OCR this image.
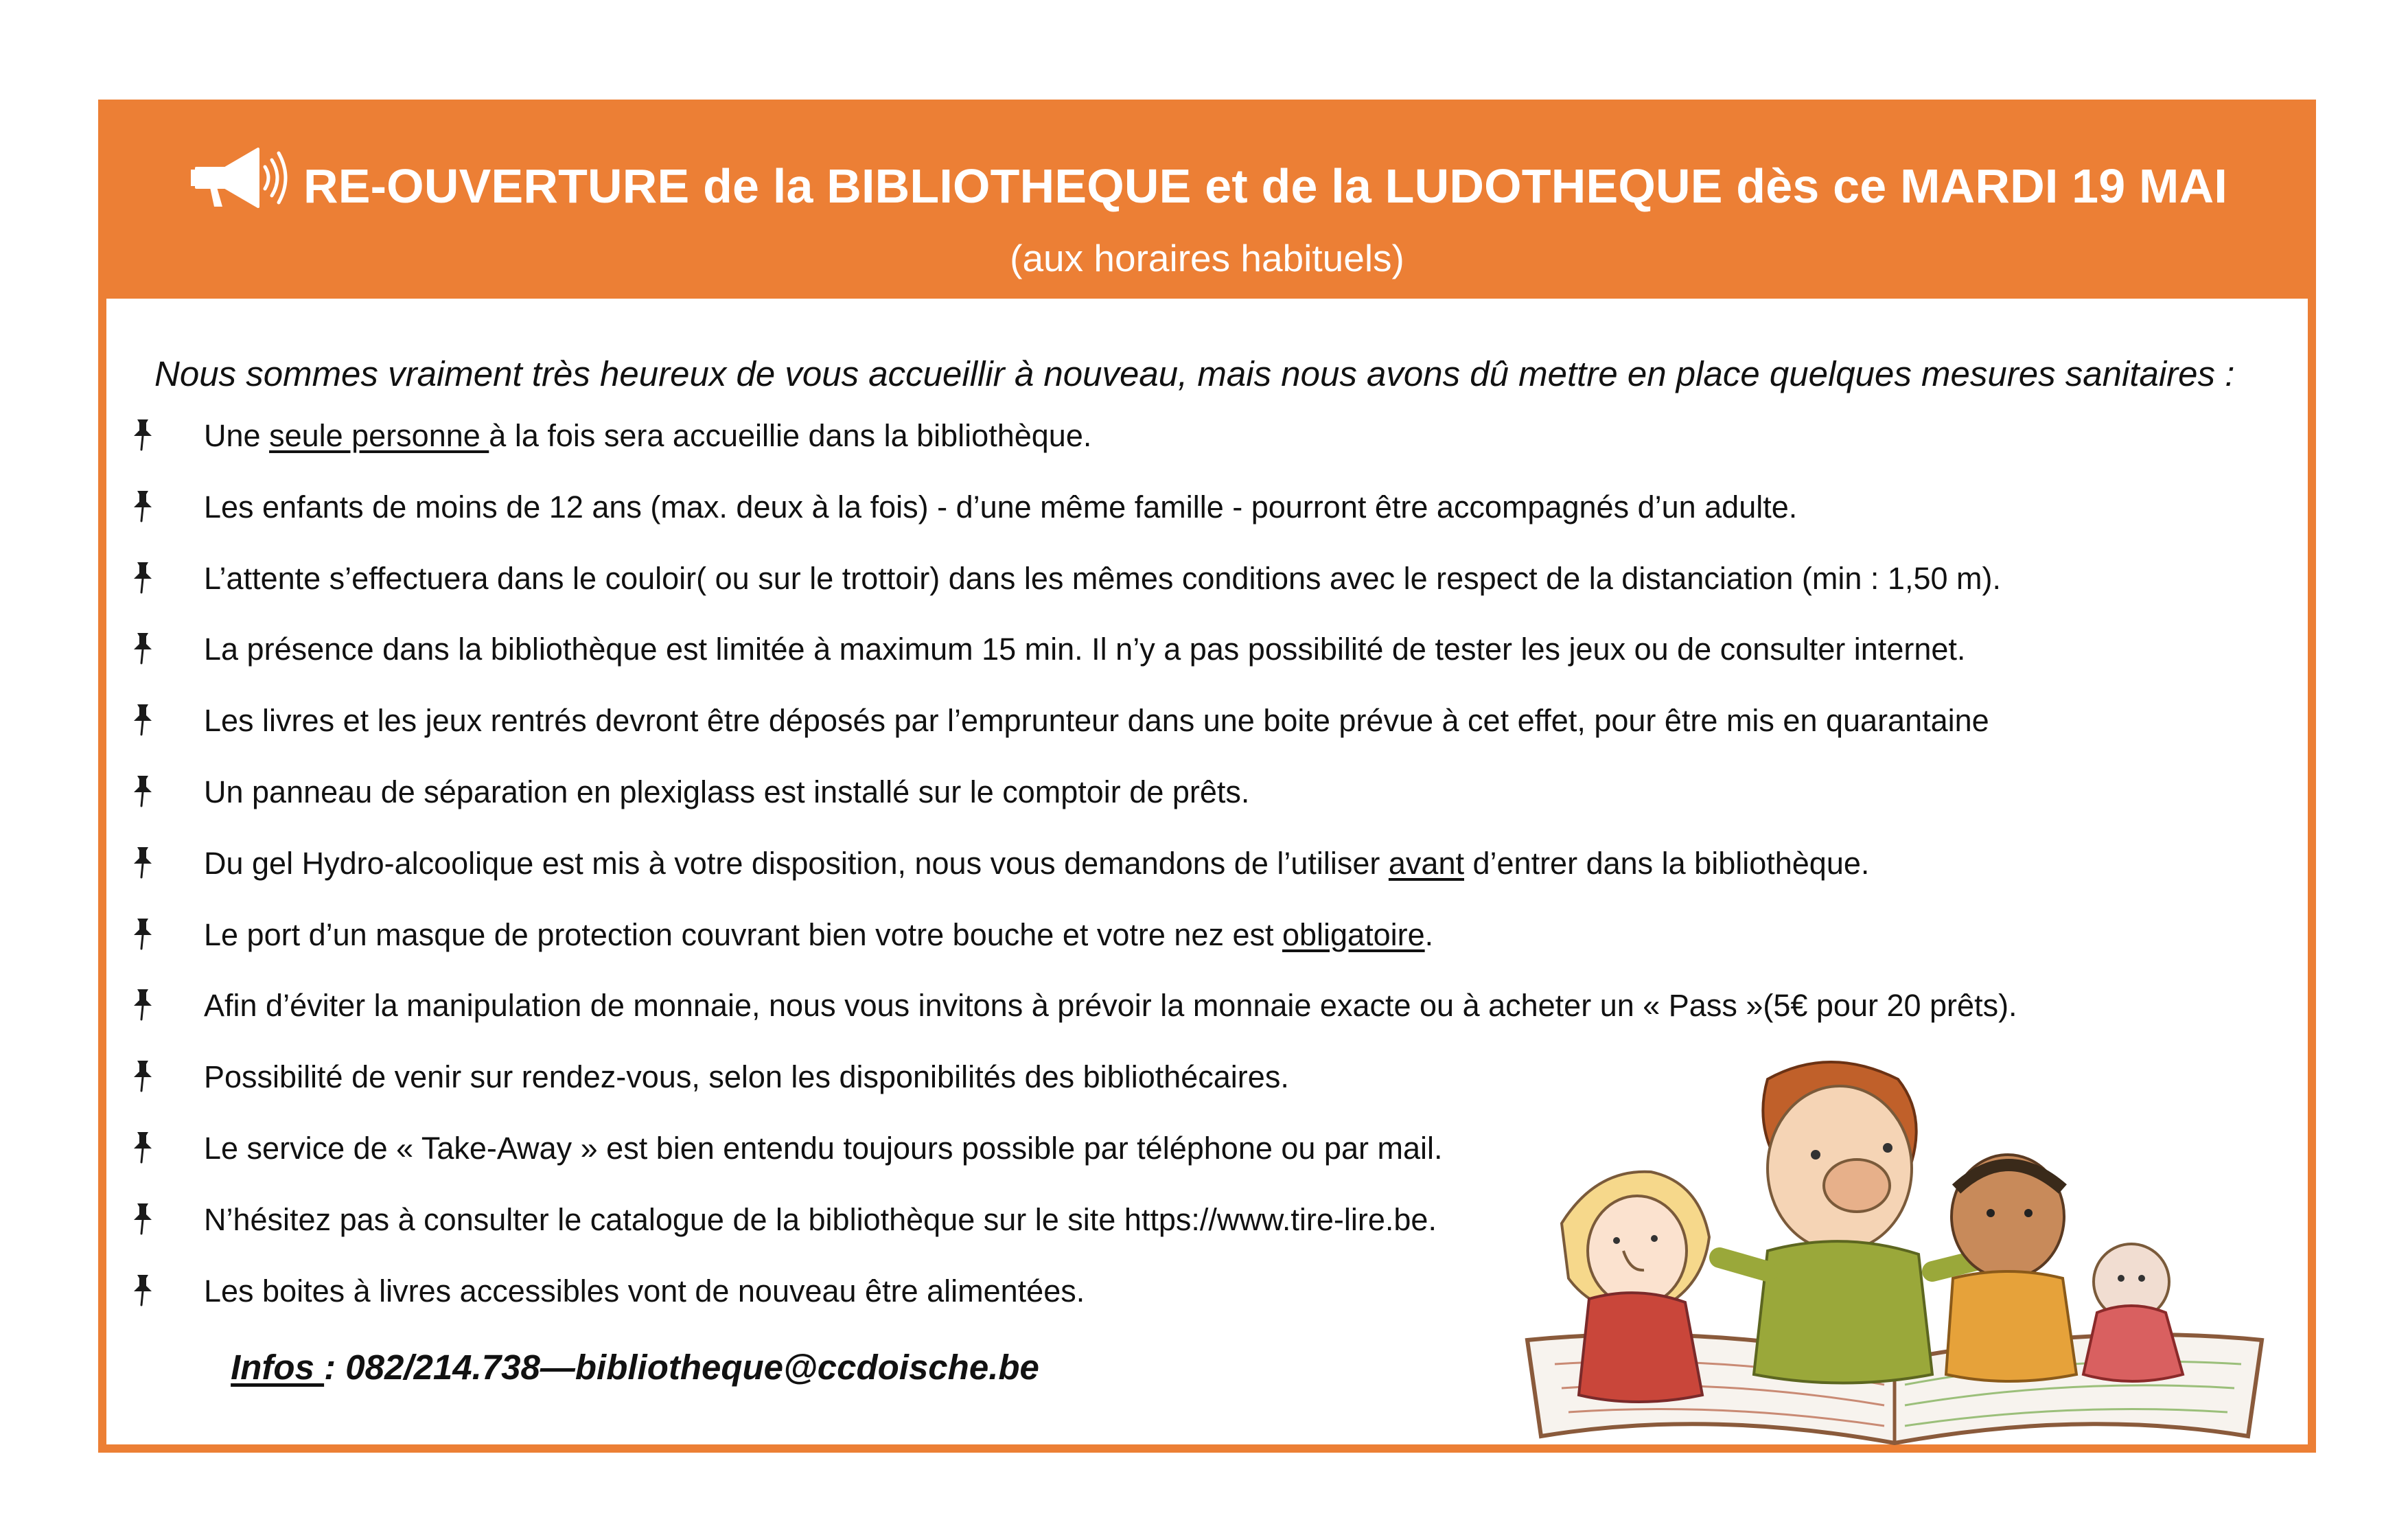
RE-OUVERTURE de la BIBLIOTHEQUE et de la LUDOTHEQUE dès ce MARDI 19 MAI
(aux horaires habituels)
Nous sommes vraiment très heureux de vous accueillir à nouveau, mais nous avons dû mettre en place quelques mesures sanitaires :
Une seule personne à la fois sera accueillie dans la bibliothèque.
Les enfants de moins de 12 ans (max. deux à la fois) - d’une même famille - pourront être accompagnés d’un adulte.
L’attente s’effectuera dans le couloir( ou sur le trottoir) dans les mêmes conditions avec le respect de la distanciation (min : 1,50 m).
La présence dans la bibliothèque est limitée à maximum 15 min. Il n’y a pas possibilité de tester les jeux ou de consulter internet.
Les livres et les jeux rentrés devront être déposés par l’emprunteur dans une boite prévue à cet effet, pour être mis en quarantaine
Un panneau de séparation en plexiglass est installé sur le comptoir de prêts.
Du gel Hydro-alcoolique est mis à votre disposition, nous vous demandons de l’utiliser avant d’entrer dans la bibliothèque.
Le port d’un masque de protection couvrant bien votre bouche et votre nez est obligatoire.
Afin d’éviter la manipulation de monnaie, nous vous invitons à prévoir la monnaie exacte ou à acheter un « Pass »(5€ pour 20 prêts).
Possibilité de venir sur rendez-vous, selon les disponibilités des bibliothécaires.
Le service de « Take-Away » est bien entendu toujours possible par téléphone ou par mail.
N’hésitez pas à consulter le catalogue de la bibliothèque sur le site https://www.tire-lire.be.
Les boites à livres accessibles vont de nouveau être alimentées.
Infos : 082/214.738—bibliotheque@ccdoische.be
